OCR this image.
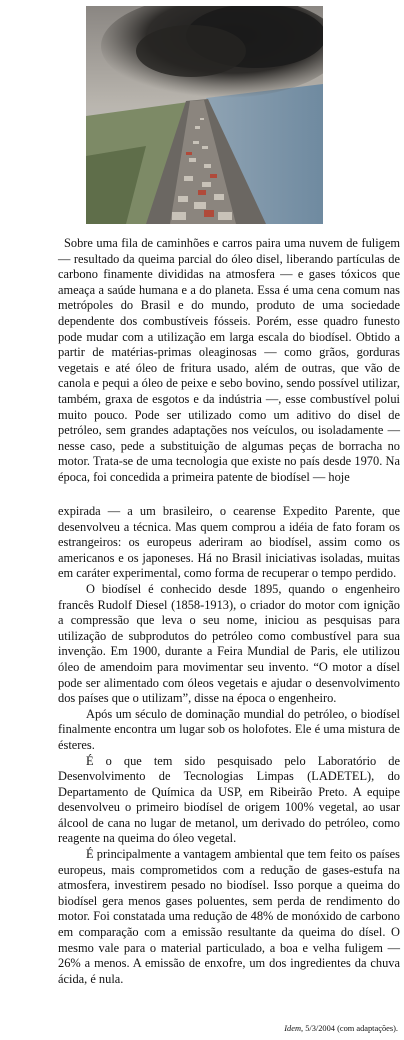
Sobre uma fila de caminhões e carros paira uma nuvem de fuligem — resultado da queima parcial do óleo disel, liberando partículas de carbono finamente divididas na atmosfera — e gases tóxicos que ameaça a saúde humana e a do planeta. Essa é uma cena comum nas metrópoles do Brasil e do mundo, produto de uma sociedade dependente dos combustíveis fósseis. Porém, esse quadro funesto pode mudar com a utilização em larga escala do biodísel. Obtido a partir de matérias-primas oleaginosas — como grãos, gorduras vegetais e até óleo de fritura usado, além de outras, que vão de canola e pequi a óleo de peixe e sebo bovino, sendo possível utilizar, também, graxa de esgotos e da indústria —, esse combustível polui muito pouco. Pode ser utilizado como um aditivo do disel de petróleo, sem grandes adaptações nos veículos, ou isoladamente — nesse caso, pede a substituição de algumas peças de borracha no motor. Trata-se de uma tecnologia que existe no país desde 1970. Na época, foi concedida a primeira patente de biodísel — hoje

expirada — a um brasileiro, o cearense Expedito Parente, que desenvolveu a técnica. Mas quem comprou a idéia de fato foram os estrangeiros: os europeus aderiram ao biodísel, assim como os americanos e os japoneses. Há no Brasil iniciativas isoladas, muitas em caráter experimental, como forma de recuperar o tempo perdido.

O biodísel é conhecido desde 1895, quando o engenheiro francês Rudolf Diesel (1858-1913), o criador do motor com ignição a compressão que leva o seu nome, iniciou as pesquisas para utilização de subprodutos do petróleo como combustível para sua invenção. Em 1900, durante a Feira Mundial de Paris, ele utilizou óleo de amendoim para movimentar seu invento. “O motor a dísel pode ser alimentado com óleos vegetais e ajudar o desenvolvimento dos países que o utilizam”, disse na época o engenheiro.

Após um século de dominação mundial do petróleo, o biodísel finalmente encontra um lugar sob os holofotes. Ele é uma mistura de ésteres.

É o que tem sido pesquisado pelo Laboratório de Desenvolvimento de Tecnologias Limpas (LADETEL), do Departamento de Química da USP, em Ribeirão Preto. A equipe desenvolveu o primeiro biodísel de origem 100% vegetal, ao usar álcool de cana no lugar de metanol, um derivado do petróleo, como reagente na queima do óleo vegetal.

É principalmente a vantagem ambiental que tem feito os países europeus, mais comprometidos com a redução de gases-estufa na atmosfera, investirem pesado no biodísel. Isso porque a queima do biodísel gera menos gases poluentes, sem perda de rendimento do motor. Foi constatada uma redução de 48% de monóxido de carbono em comparação com a emissão resultante da queima do dísel. O mesmo vale para o material particulado, a boa e velha fuligem — 26% a menos. A emissão de enxofre, um dos ingredientes da chuva ácida, é nula.

Idem, 5/3/2004 (com adaptações).
